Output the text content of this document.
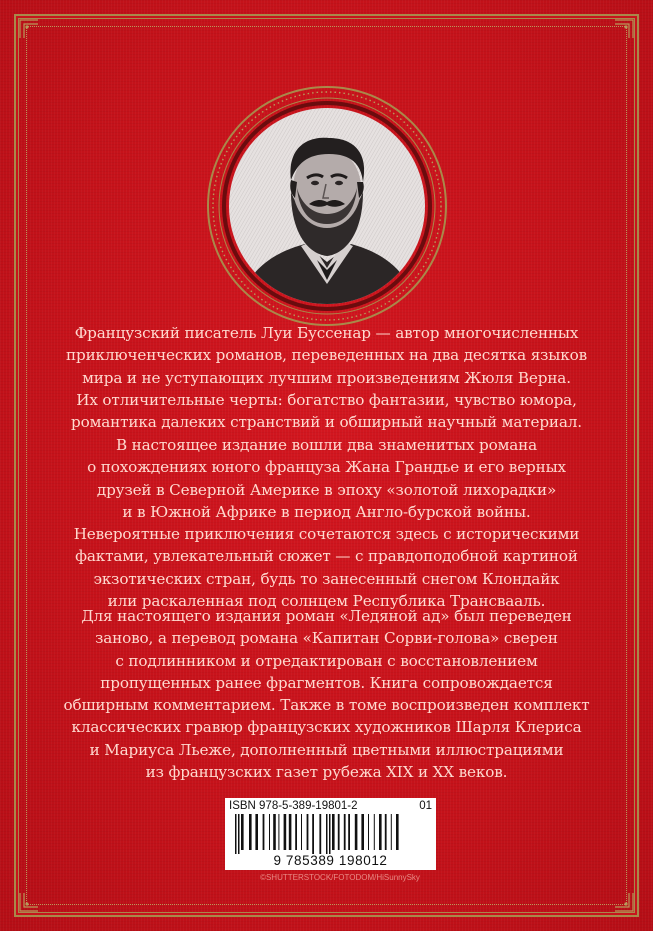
Французский писатель Луи Буссенар — автор многочисленных
приключенческих романов, переведенных на два десятка языков
мира и не уступающих лучшим произведениям Жюля Верна.
Их отличительные черты: богатство фантазии, чувство юмора,
романтика далеких странствий и обширный научный материал.
В настоящее издание вошли два знаменитых романа
о похождениях юного француза Жана Грандье и его верных
друзей в Северной Америке в эпоху «золотой лихорадки»
и в Южной Африке в период Англо-бурской войны.
Невероятные приключения сочетаются здесь с историческими
фактами, увлекательный сюжет — с правдоподобной картиной
экзотических стран, будь то занесенный снегом Клондайк
или раскаленная под солнцем Республика Трансвааль.
Для настоящего издания роман «Ледяной ад» был переведен
заново, а перевод романа «Капитан Сорви-голова» сверен
с подлинником и отредактирован с восстановлением
пропущенных ранее фрагментов. Книга сопровождается
обширным комментарием. Также в томе воспроизведен комплект
классических гравюр французских художников Шарля Клериса
и Мариуса Льеже, дополненный цветными иллюстрациями
из французских газет рубежа XIX и XX веков.
ISBN 978-5-389-19801-2	01
9 785389 198012
©SHUTTERSTOCK/FOTODOM/HiSunnySky
